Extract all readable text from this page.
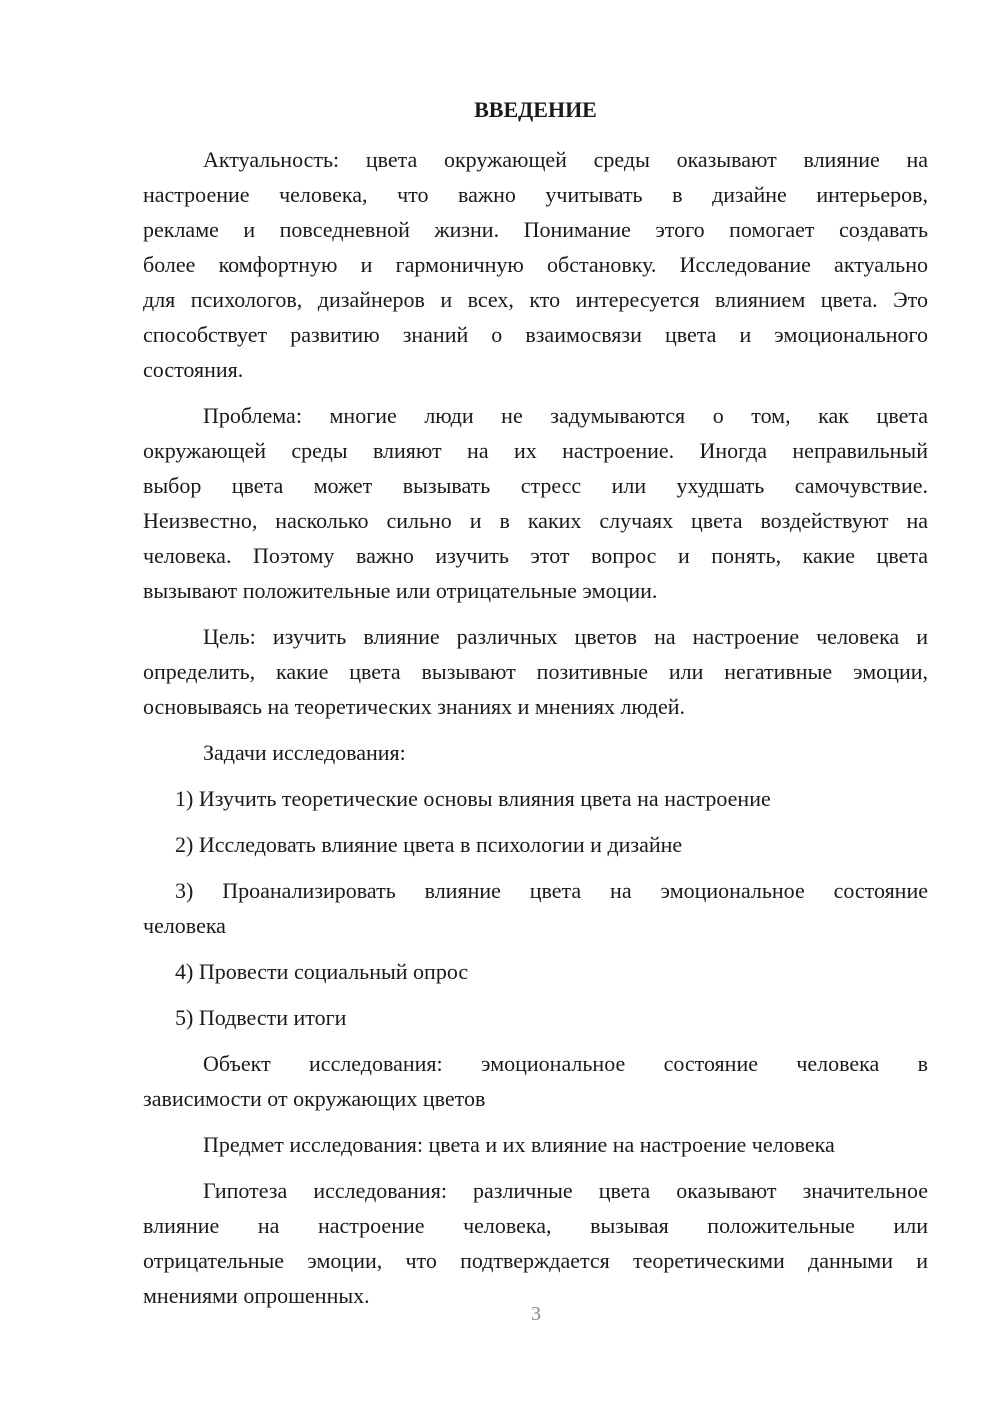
ВВЕДЕНИЕ
Актуальность: цвета окружающей среды оказывают влияние на
настроение человека, что важно учитывать в дизайне интерьеров,
рекламе и повседневной жизни. Понимание этого помогает создавать
более комфортную и гармоничную обстановку. Исследование актуально
для психологов, дизайнеров и всех, кто интересуется влиянием цвета. Это
способствует развитию знаний о взаимосвязи цвета и эмоционального
состояния.
Проблема: многие люди не задумываются о том, как цвета
окружающей среды влияют на их настроение. Иногда неправильный
выбор цвета может вызывать стресс или ухудшать самочувствие.
Неизвестно, насколько сильно и в каких случаях цвета воздействуют на
человека. Поэтому важно изучить этот вопрос и понять, какие цвета
вызывают положительные или отрицательные эмоции.
Цель: изучить влияние различных цветов на настроение человека и
определить, какие цвета вызывают позитивные или негативные эмоции,
основываясь на теоретических знаниях и мнениях людей.
Задачи исследования:
1) Изучить теоретические основы влияния цвета на настроение
2) Исследовать влияние цвета в психологии и дизайне
3) Проанализировать влияние цвета на эмоциональное состояние
человека
4) Провести социальный опрос
5) Подвести итоги
Объект исследования: эмоциональное состояние человека в
зависимости от окружающих цветов
Предмет исследования: цвета и их влияние на настроение человека
Гипотеза исследования: различные цвета оказывают значительное
влияние на настроение человека, вызывая положительные или
отрицательные эмоции, что подтверждается теоретическими данными и
мнениями опрошенных.
3
